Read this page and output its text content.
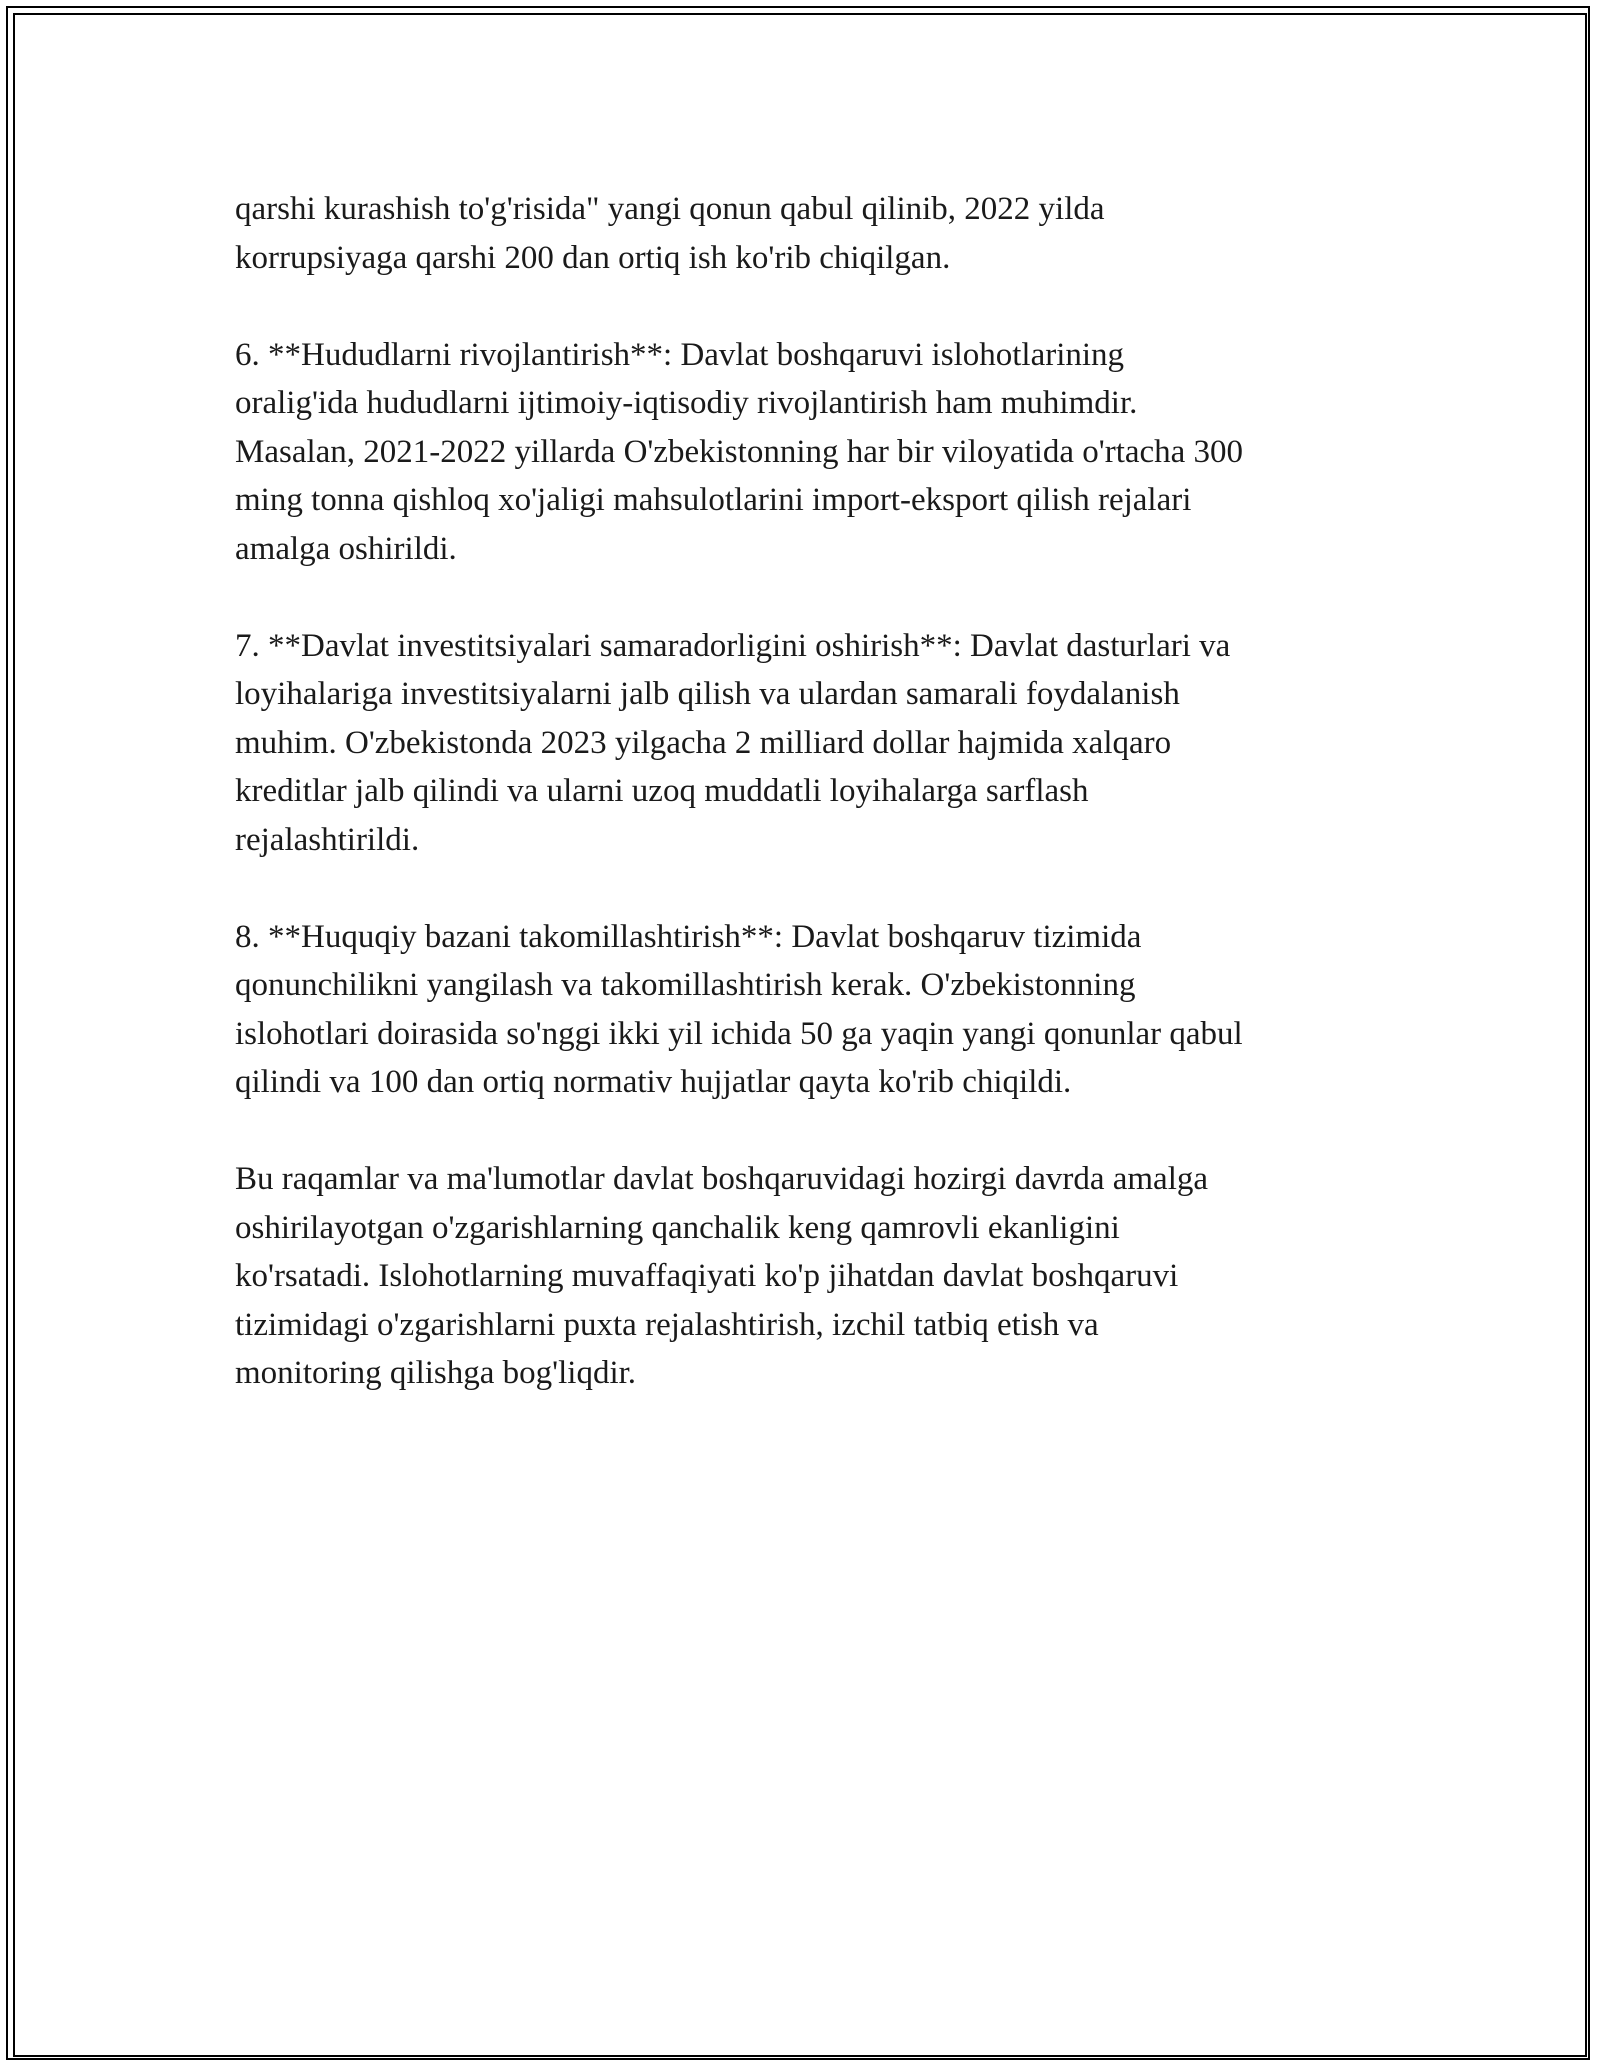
qarshi kurashish to'g'risida" yangi qonun qabul qilinib, 2022 yilda
korrupsiyaga qarshi 200 dan ortiq ish ko'rib chiqilgan.
6. **Hududlarni rivojlantirish**: Davlat boshqaruvi islohotlarining
oralig'ida hududlarni ijtimoiy-iqtisodiy rivojlantirish ham muhimdir.
Masalan, 2021-2022 yillarda O'zbekistonning har bir viloyatida o'rtacha 300
ming tonna qishloq xo'jaligi mahsulotlarini import-eksport qilish rejalari
amalga oshirildi.
7. **Davlat investitsiyalari samaradorligini oshirish**: Davlat dasturlari va
loyihalariga investitsiyalarni jalb qilish va ulardan samarali foydalanish
muhim. O'zbekistonda 2023 yilgacha 2 milliard dollar hajmida xalqaro
kreditlar jalb qilindi va ularni uzoq muddatli loyihalarga sarflash
rejalashtirildi.
8. **Huquqiy bazani takomillashtirish**: Davlat boshqaruv tizimida
qonunchilikni yangilash va takomillashtirish kerak. O'zbekistonning
islohotlari doirasida so'nggi ikki yil ichida 50 ga yaqin yangi qonunlar qabul
qilindi va 100 dan ortiq normativ hujjatlar qayta ko'rib chiqildi.
Bu raqamlar va ma'lumotlar davlat boshqaruvidagi hozirgi davrda amalga
oshirilayotgan o'zgarishlarning qanchalik keng qamrovli ekanligini
ko'rsatadi. Islohotlarning muvaffaqiyati ko'p jihatdan davlat boshqaruvi
tizimidagi o'zgarishlarni puxta rejalashtirish, izchil tatbiq etish va
monitoring qilishga bog'liqdir.
